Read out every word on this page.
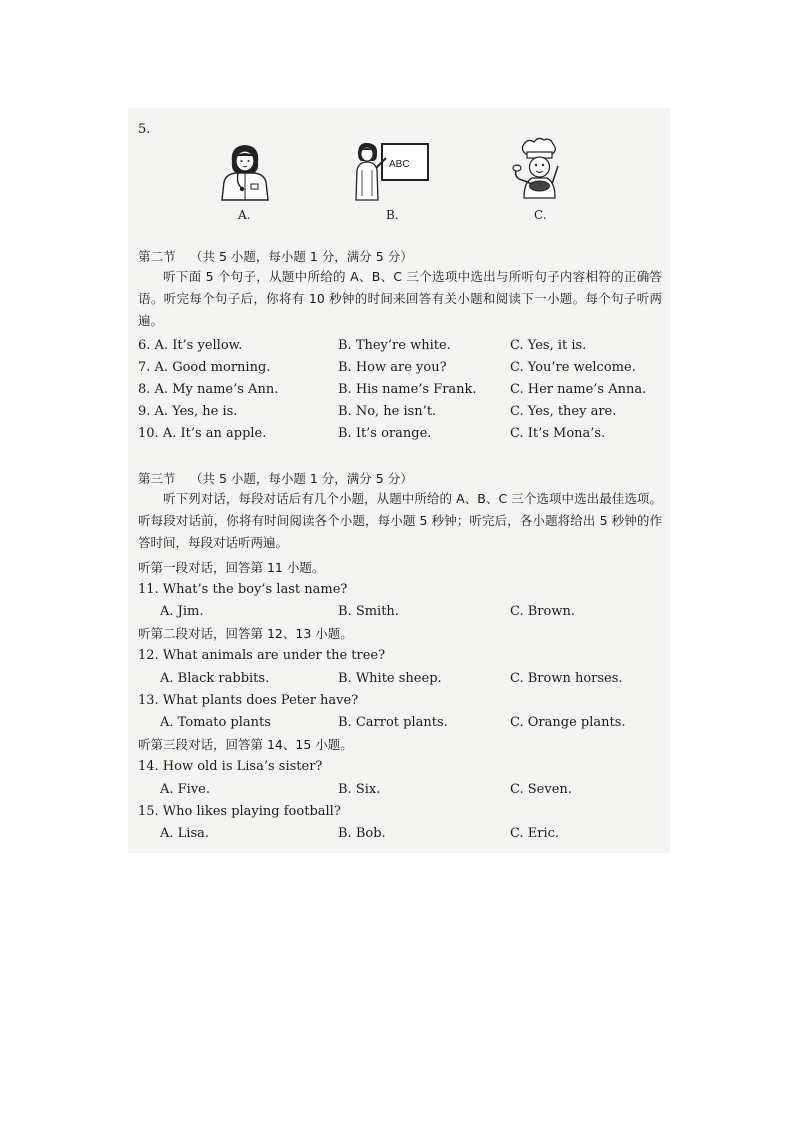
5.
A.
ABC
B.	C.
第二节 （共 5 小题，每小题 1 分，满分 5 分）
听下面 5 个句子，从题中所给的 A、B、C 三个选项中选出与所听句子内容相符的正确答语。听完每个句子后，你将有 10 秒钟的时间来回答有关小题和阅读下一小题。每个句子听两遍。
6. A. It’s yellow.	B. They’re white.	C. Yes, it is.
7. A. Good morning.	B. How are you?	C. You’re welcome.
8. A. My name’s Ann.	B. His name’s Frank.	C. Her name’s Anna.
9. A. Yes, he is.	B. No, he isn’t.	C. Yes, they are.
10. A. It’s an apple.	B. It’s orange.	C. It’s Mona’s.
第三节 （共 5 小题，每小题 1 分，满分 5 分）
听下列对话，每段对话后有几个小题，从题中所给的 A、B、C 三个选项中选出最佳选项。听每段对话前，你将有时间阅读各个小题，每小题 5 秒钟；听完后，各小题将给出 5 秒钟的作答时间，每段对话听两遍。
听第一段对话，回答第 11 小题。
11. What’s the boy’s last name?
A. Jim.	B. Smith.	C. Brown.
听第二段对话，回答第 12、13 小题。
12. What animals are under the tree?
A. Black rabbits.	B. White sheep.	C. Brown horses.
13. What plants does Peter have?
A. Tomato plants	B. Carrot plants.	C. Orange plants.
听第三段对话，回答第 14、15 小题。
14. How old is Lisa’s sister?
A. Five.	B. Six.	C. Seven.
15. Who likes playing football?
A. Lisa.	B. Bob.	C. Eric.
